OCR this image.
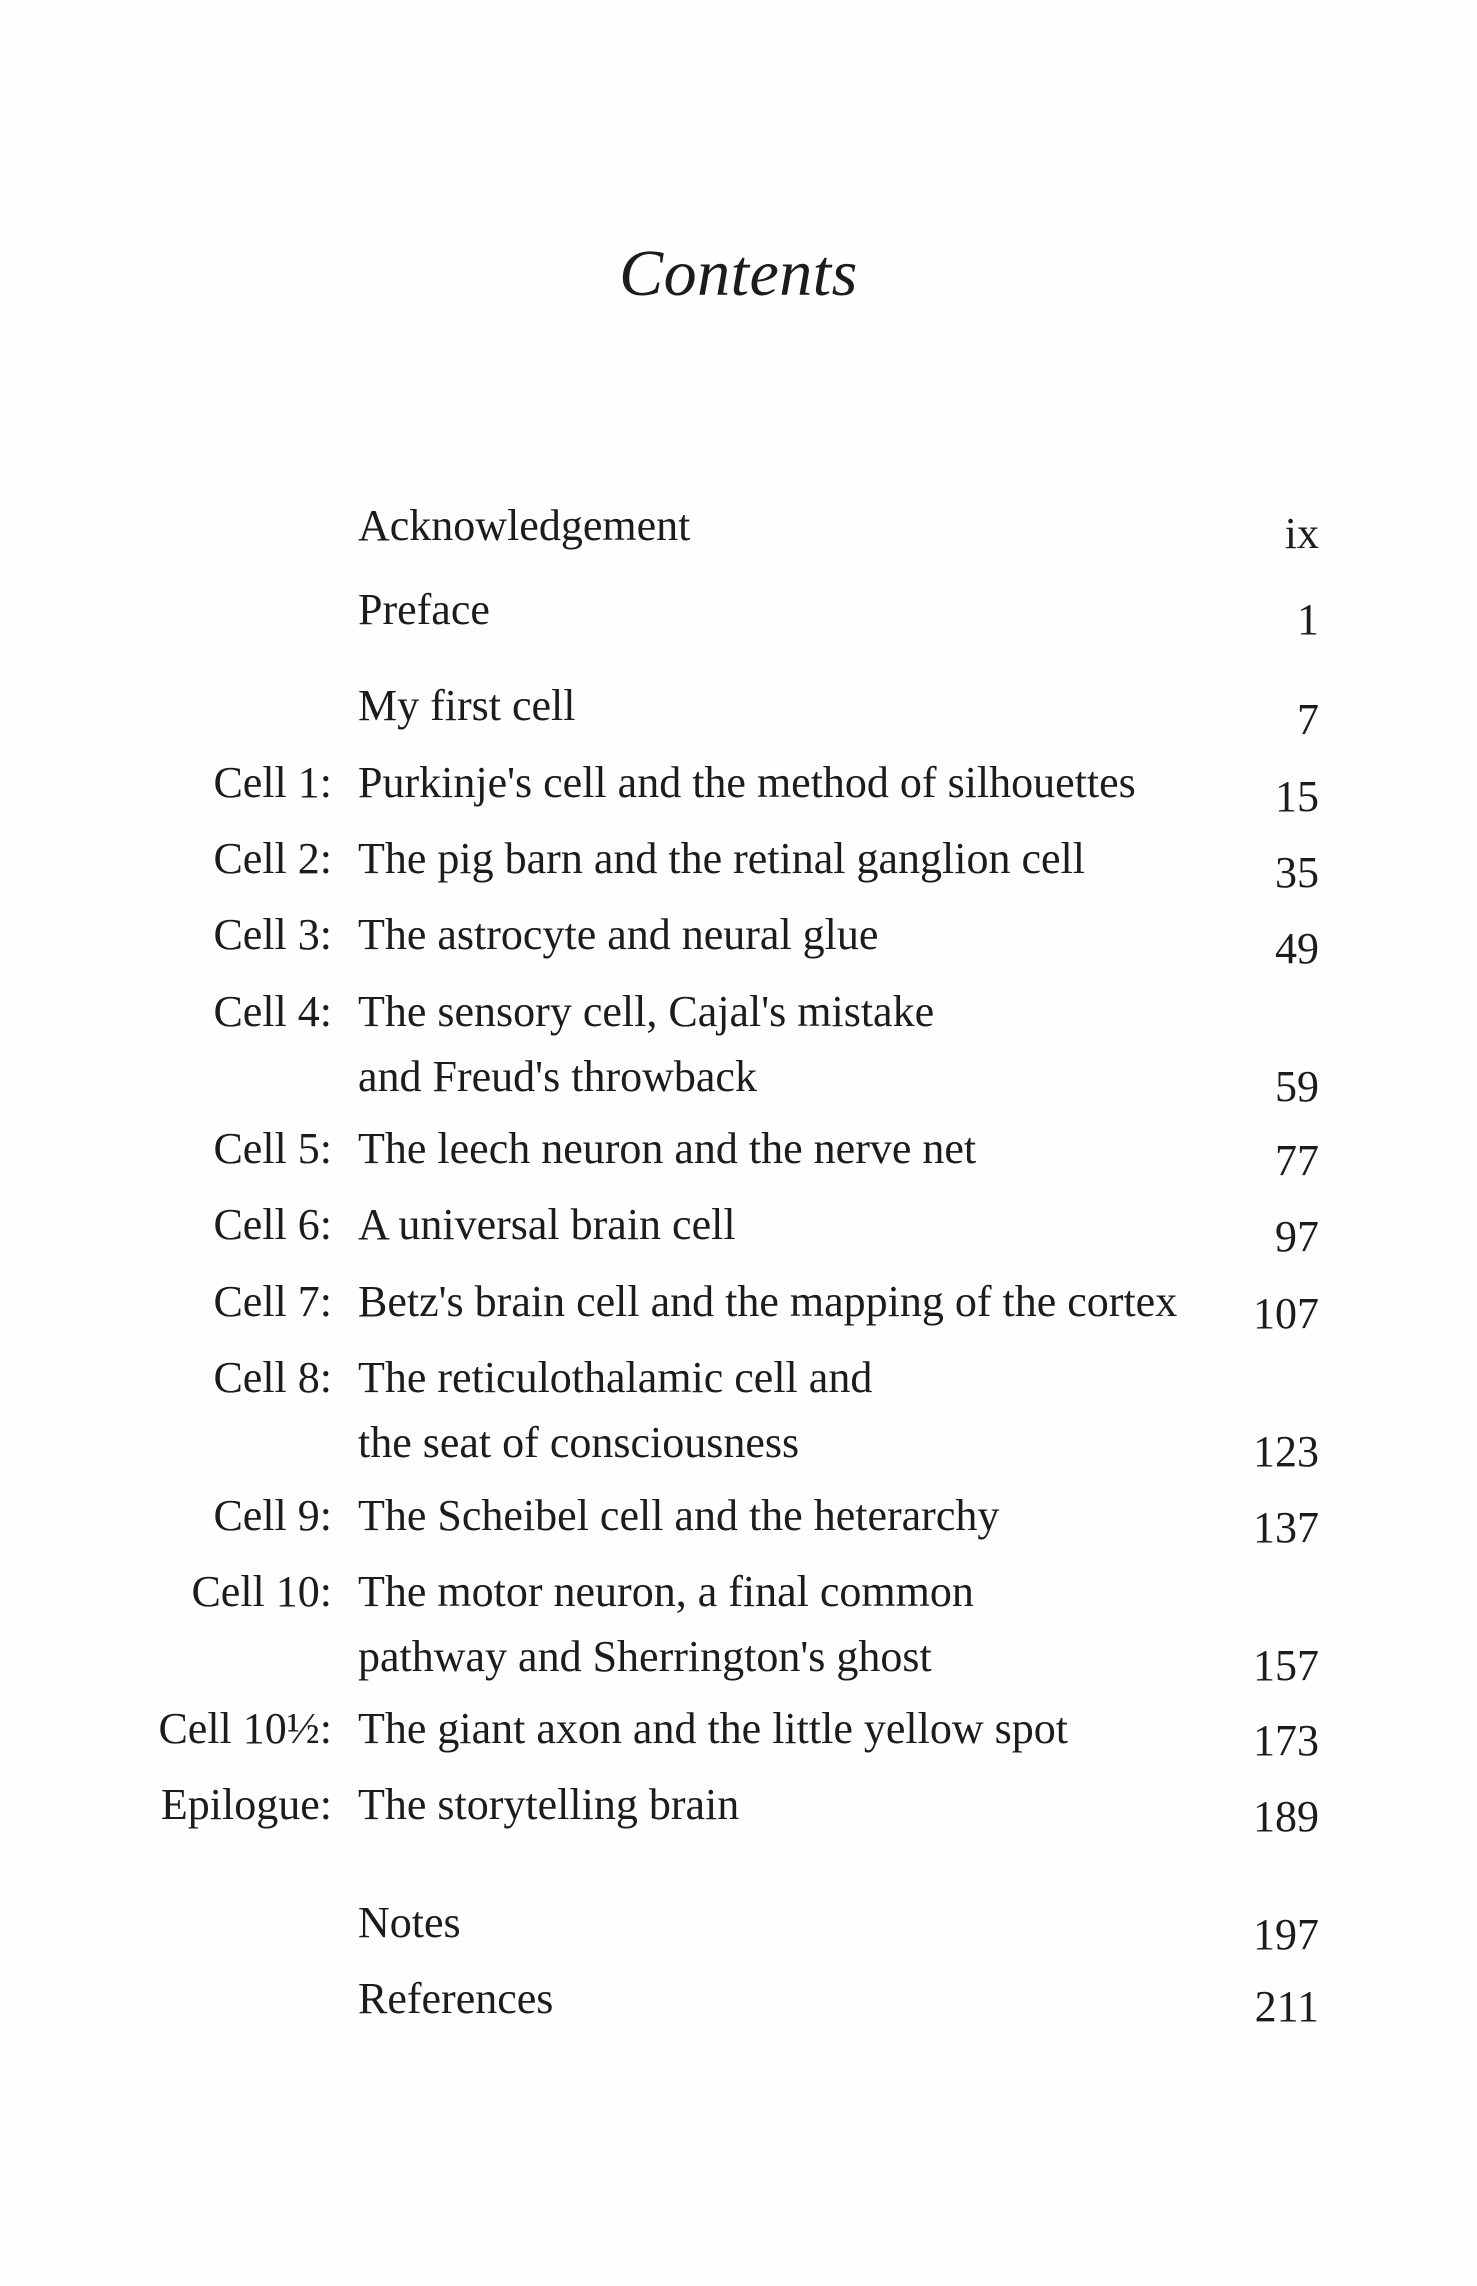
Contents
Acknowledgement	ix
Preface	1
My first cell	7
Cell 1: Purkinje's cell and the method of silhouettes	15
Cell 2: The pig barn and the retinal ganglion cell	35
Cell 3: The astrocyte and neural glue	49
Cell 4: The sensory cell, Cajal's mistake
and Freud's throwback	59
Cell 5: The leech neuron and the nerve net	77
Cell 6: A universal brain cell	97
Cell 7: Betz's brain cell and the mapping of the cortex 107
Cell 8: The reticulothalamic cell and
the seat of consciousness	123
Cell 9: The Scheibel cell and the heterarchy	137
Cell 10: The motor neuron, a final common
pathway and Sherrington's ghost	157
Cell 10½: The giant axon and the little yellow spot	173
Epilogue: The storytelling brain	189
Notes	197
References	211
